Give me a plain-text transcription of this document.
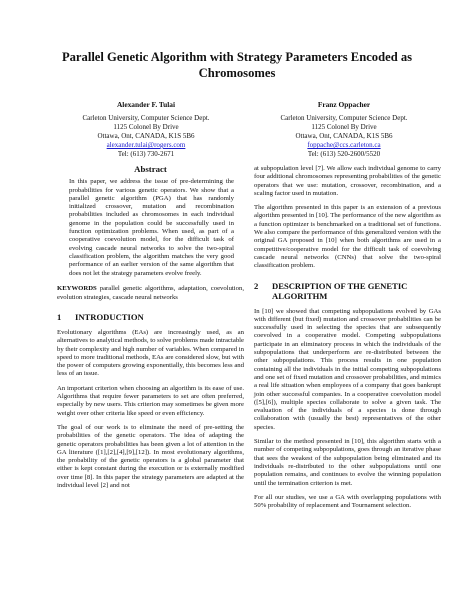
Parallel Genetic Algorithm with Strategy Parameters Encoded as Chromosomes
Alexander F. Tulai
Carleton University, Computer Science Dept.
1125 Colonel By Drive
Ottawa, Ont, CANADA, K1S 5B6
alexander.tulai@rogers.com
Tel: (613) 730-2671
Franz Oppacher
Carleton University, Computer Science Dept.
1125 Colonel By Drive
Ottawa, Ont, CANADA, K1S 5B6
foppache@ccs.carleton.ca
Tel: (613) 520-2600/5520
Abstract

In this paper, we address the issue of pre-determining the probabilities for various genetic operators. We show that a parallel genetic algorithm (PGA) that has randomly initialized crossover, mutation and recombination probabilities included as chromosomes in each individual genome in the population could be successfully used in function optimization problems. When used, as part of a cooperative coevolution model, for the difficult task of evolving cascade neural networks to solve the two-spiral classification problem, the algorithm matches the very good performance of an earlier version of the same algorithm that does not let the strategy parameters evolve freely.

KEYWORDS parallel genetic algorithms, adaptation, coevolution, evolution strategies, cascade neural networks

1	INTRODUCTION

Evolutionary algorithms (EAs) are increasingly used, as an alternatives to analytical methods, to solve problems made intractable by their complexity and high number of variables. When compared in speed to more traditional methods, EAs are considered slow, but with the power of computers growing exponentially, this becomes less and less of an issue.

An important criterion when choosing an algorithm is its ease of use. Algorithms that require fewer parameters to set are often preferred, especially by new users. This criterion may sometimes be given more weight over other criteria like speed or even efficiency.

The goal of our work is to eliminate the need of pre-setting the probabilities of the genetic operators. The idea of adapting the genetic operators probabilities has been given a lot of attention in the GA literature ([1],[2],[4],[9],[12]). In most evolutionary algorithms, the probability of the genetic operators is a global parameter that either is kept constant during the execution or is externally modified over time [8]. In this paper the strategy parameters are adapted at the individual level [2] and not

at subpopulation level [7]. We allow each individual genome to carry four additional chromosomes representing probabilities of the genetic operators that we use: mutation, crossover, recombination, and a scaling factor used in mutation.

The algorithm presented in this paper is an extension of a previous algorithm presented in [10]. The performance of the new algorithm as a function optimizer is benchmarked on a traditional set of functions. We also compare the performance of this generalized version with the original GA proposed in [10] when both algorithms are used in a competitive/cooperative model for the difficult task of coevolving cascade neural networks (CNNs) that solve the two-spiral classification problem.

2	DESCRIPTION OF THE GENETIC ALGORITHM

In [10] we showed that competing subpopulations evolved by GAs with different (but fixed) mutation and crossover probabilities can be successfully used in selecting the species that are subsequently coevolved in a cooperative model. Competing subpopulations participate in an eliminatory process in which the individuals of the subpopulations that underperform are re-distributed between the other subpopulations. This process results in one population containing all the individuals in the initial competing subpopulations and one set of fixed mutation and crossover probabilities, and mimics a real life situation when employees of a company that goes bankrupt join other successful companies. In a cooperative coevolution model ([5],[6]), multiple species collaborate to solve a given task. The evaluation of the individuals of a species is done through collaboration with (usually the best) representatives of the other species.

Similar to the method presented in [10], this algorithm starts with a number of competing subpopulations, goes through an iterative phase that sees the weakest of the subpopulation being eliminated and its individuals re-distributed to the other subpopulations until one population remains, and continues to evolve the winning population until the termination criterion is met.

For all our studies, we use a GA with overlapping populations with 50% probability of replacement and Tournament selection.
